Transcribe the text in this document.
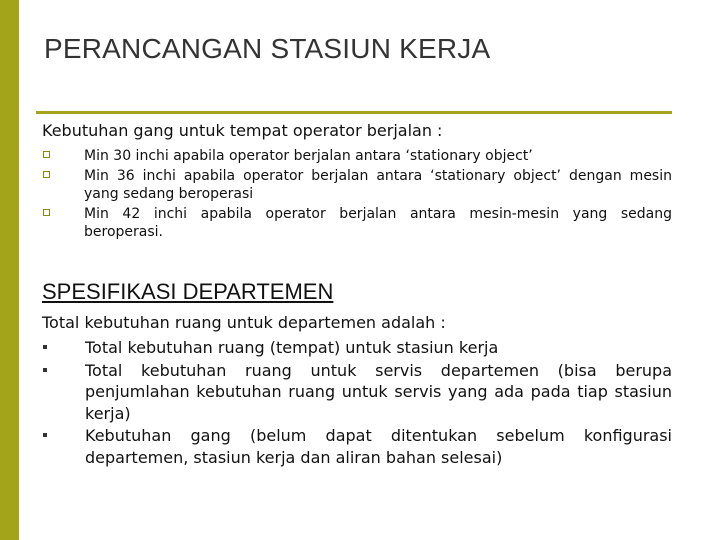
PERANCANGAN STASIUN KERJA
Kebutuhan gang untuk tempat operator berjalan :
Min 30 inchi apabila operator berjalan antara ‘stationary object’
Min 36 inchi apabila operator berjalan antara ‘stationary object’ dengan mesin yang sedang beroperasi
Min 42 inchi apabila operator berjalan antara mesin-mesin yang sedang beroperasi.
SPESIFIKASI DEPARTEMEN
Total kebutuhan ruang untuk departemen adalah :
Total kebutuhan ruang (tempat) untuk stasiun kerja
Total kebutuhan ruang untuk servis departemen (bisa berupa penjumlahan kebutuhan ruang untuk servis yang ada pada tiap stasiun kerja)
Kebutuhan gang (belum dapat ditentukan sebelum konfigurasi departemen, stasiun kerja dan aliran bahan selesai)
